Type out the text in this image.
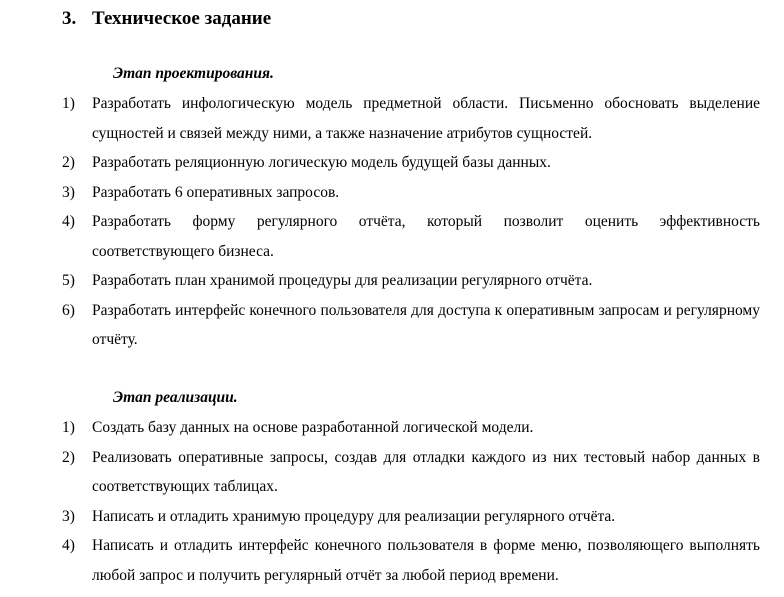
3. Техническое задание
Этап проектирования.
1) Разработать инфологическую модель предметной области. Письменно обосновать выделение сущностей и связей между ними, а также назначение атрибутов сущностей.
2) Разработать реляционную логическую модель будущей базы данных.
3) Разработать 6 оперативных запросов.
4) Разработать форму регулярного отчёта, который позволит оценить эффективность соответствующего бизнеса.
5) Разработать план хранимой процедуры для реализации регулярного отчёта.
6) Разработать интерфейс конечного пользователя для доступа к оперативным запросам и регулярному отчёту.
Этап реализации.
1) Создать базу данных на основе разработанной логической модели.
2) Реализовать оперативные запросы, создав для отладки каждого из них тестовый набор данных в соответствующих таблицах.
3) Написать и отладить хранимую процедуру для реализации регулярного отчёта.
4) Написать и отладить интерфейс конечного пользователя в форме меню, позволяющего выполнять любой запрос и получить регулярный отчёт за любой период времени.
